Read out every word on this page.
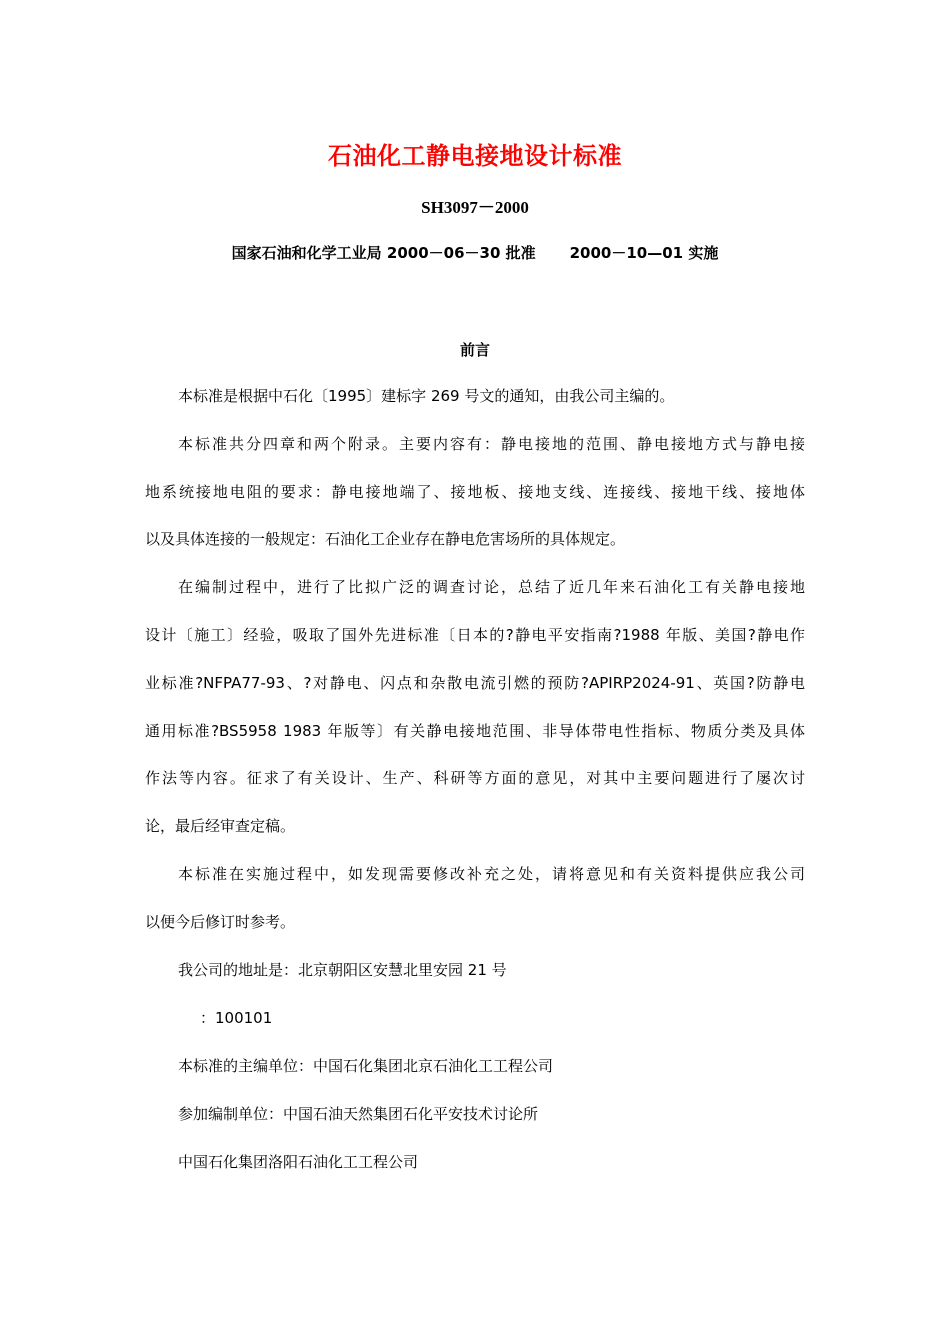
石油化工静电接地设计标准
SH3097－2000
国家石油和化学工业局 2000－06－30 批准 2000－10—01 实施
前言
本标准是根据中石化〔1995〕建标字 269 号文的通知，由我公司主编的。
本标准共分四章和两个附录。主要内容有：静电接地的范围、静电接地方式与静电接
地系统接地电阻的要求：静电接地端了、接地板、接地支线、连接线、接地干线、接地体
以及具体连接的一般规定：石油化工企业存在静电危害场所的具体规定。
在编制过程中，进行了比拟广泛的调查讨论，总结了近几年来石油化工有关静电接地
设计〔施工〕经验，吸取了国外先进标准〔日本的?静电平安指南?1988 年版、美国?静电作
业标准?NFPA77-93、?对静电、闪点和杂散电流引燃的预防?APIRP2024-91、英国?防静电
通用标准?BS5958 1983 年版等〕有关静电接地范围、非导体带电性指标、物质分类及具体
作法等内容。征求了有关设计、生产、科研等方面的意见，对其中主要问题进行了屡次讨
论，最后经审查定稿。
本标准在实施过程中，如发现需要修改补充之处，请将意见和有关资料提供应我公司
以便今后修订时参考。
我公司的地址是：北京朝阳区安慧北里安园 21 号
：100101
本标准的主编单位：中国石化集团北京石油化工工程公司
参加编制单位：中国石油天然集团石化平安技术讨论所
中国石化集团洛阳石油化工工程公司
